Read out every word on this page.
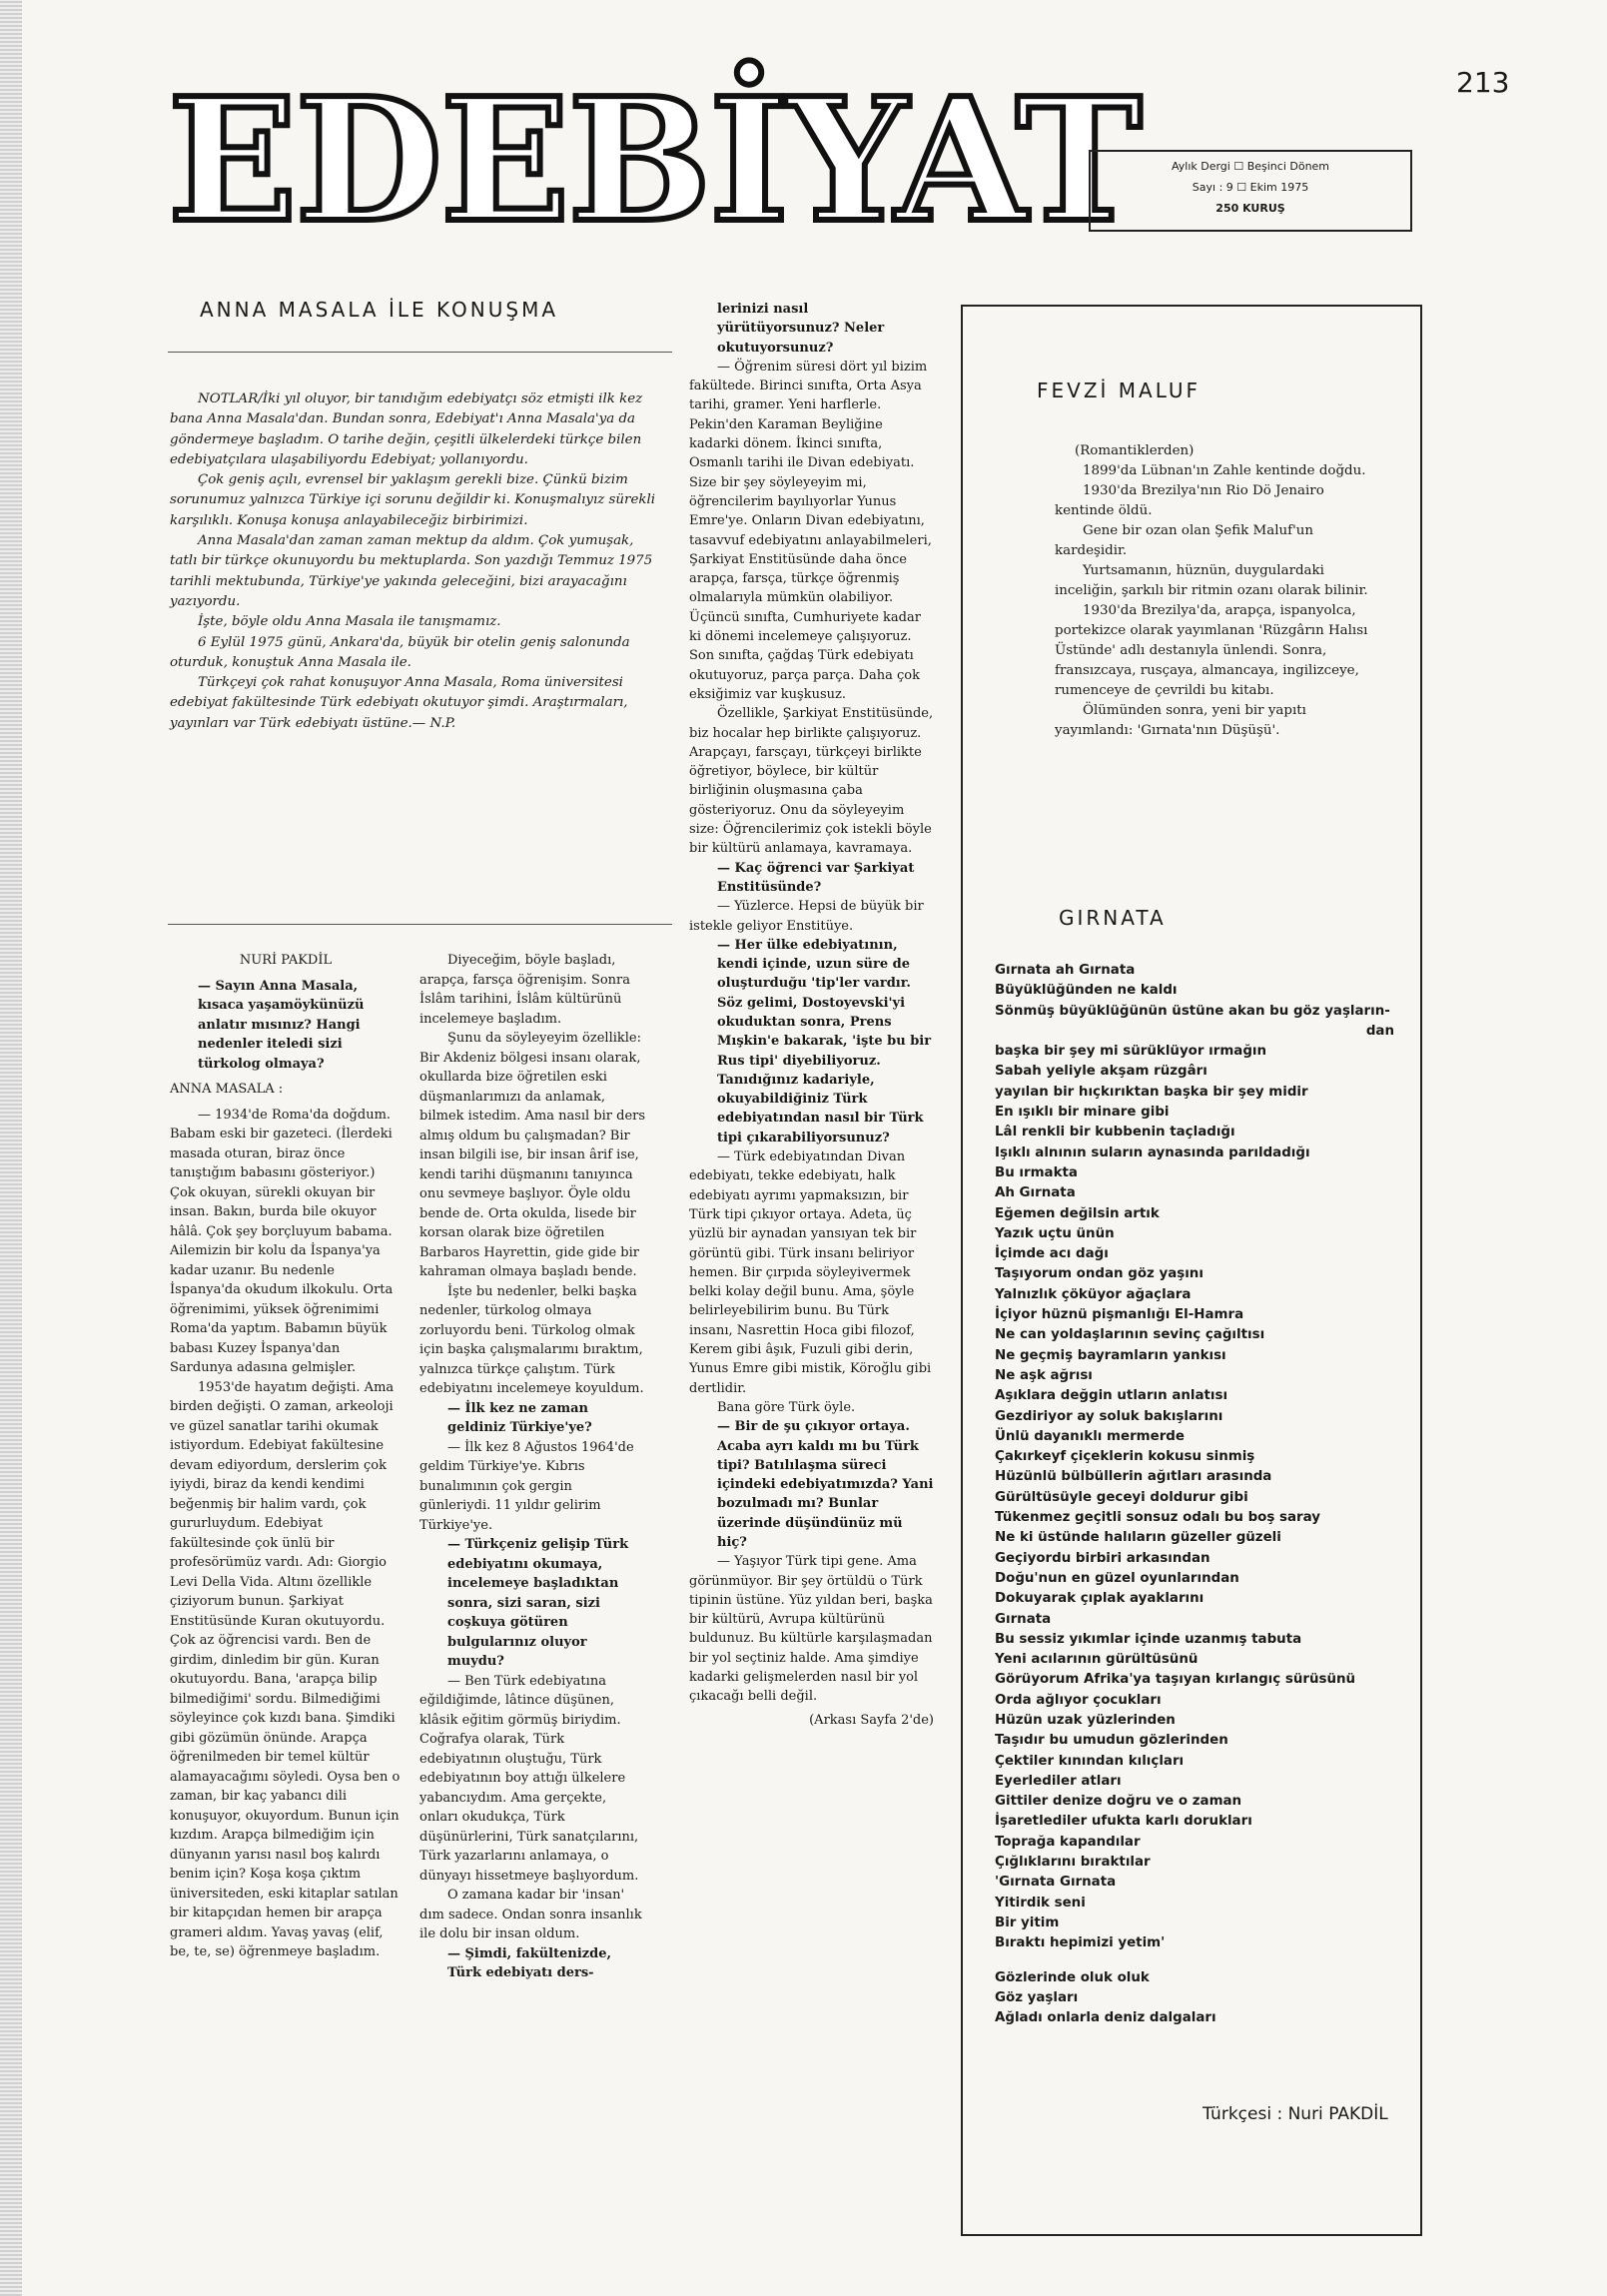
213
EDEBİYAT	Aylık Dergi ☐ Beşinci Dönem
Sayı : 9 ☐ Ekim 1975
250 KURUŞ
ANNA MASALA İLE KONUŞMA

NOTLAR/İki yıl oluyor, bir tanıdığım edebiyatçı söz etmişti ilk kez bana Anna Masala'dan. Bundan sonra, Edebiyat'ı Anna Masala'ya da göndermeye başladım. O tarihe değin, çeşitli ülkelerdeki türkçe bilen edebiyatçılara ulaşabiliyordu Edebiyat; yollanıyordu.

Çok geniş açılı, evrensel bir yaklaşım gerekli bize. Çünkü bizim sorunumuz yalnızca Türkiye içi sorunu değildir ki. Konuşmalıyız sürekli karşılıklı. Konuşa konuşa anlayabileceğiz birbirimizi.

Anna Masala'dan zaman zaman mektup da aldım. Çok yumuşak, tatlı bir türkçe okunuyordu bu mektuplarda. Son yazdığı Temmuz 1975 tarihli mektubunda, Türkiye'ye yakında geleceğini, bizi arayacağını yazıyordu.

İşte, böyle oldu Anna Masala ile tanışmamız.

6 Eylül 1975 günü, Ankara'da, büyük bir otelin geniş salonunda oturduk, konuştuk Anna Masala ile.

Türkçeyi çok rahat konuşuyor Anna Masala, Roma üniversitesi edebiyat fakültesinde Türk edebiyatı okutuyor şimdi. Araştırmaları, yayınları var Türk edebiyatı üstüne.— N.P.

NURİ PAKDİL

— Sayın Anna Masala, kısaca yaşamöykünüzü anlatır mısınız? Hangi nedenler iteledi sizi türkolog olmaya?

ANNA MASALA :

— 1934'de Roma'da doğdum. Babam eski bir gazeteci. (İlerdeki masada oturan, biraz önce tanıştığım babasını gösteriyor.) Çok okuyan, sürekli okuyan bir insan. Bakın, burda bile okuyor hâlâ. Çok şey borçluyum babama. Ailemizin bir kolu da İspanya'ya kadar uzanır. Bu nedenle İspanya'da okudum ilkokulu. Orta öğrenimimi, yüksek öğrenimimi Roma'da yaptım. Babamın büyük babası Kuzey İspanya'dan Sardunya adasına gelmişler.

1953'de hayatım değişti. Ama birden değişti. O zaman, arkeoloji ve güzel sanatlar tarihi okumak istiyordum. Edebiyat fakültesine devam ediyordum, derslerim çok iyiydi, biraz da kendi kendimi beğenmiş bir halim vardı, çok gururluydum. Edebiyat fakültesinde çok ünlü bir profesörümüz vardı. Adı: Giorgio Levi Della Vida. Altını özellikle çiziyorum bunun. Şarkiyat Enstitüsünde Kuran okutuyordu. Çok az öğrencisi vardı. Ben de girdim, dinledim bir gün. Kuran okutuyordu. Bana, 'arapça bilip bilmediğimi' sordu. Bilmediğimi söyleyince çok kızdı bana. Şimdiki gibi gözümün önünde. Arapça öğrenilmeden bir temel kültür alamayacağımı söyledi. Oysa ben o zaman, bir kaç yabancı dili konuşuyor, okuyordum. Bunun için kızdım. Arapça bilmediğim için dünyanın yarısı nasıl boş kalırdı benim için? Koşa koşa çıktım üniversiteden, eski kitaplar satılan bir kitapçıdan hemen bir arapça grameri aldım. Yavaş yavaş (elif, be, te, se) öğrenmeye başladım.

Diyeceğim, böyle başladı, arapça, farsça öğrenişim. Sonra İslâm tarihini, İslâm kültürünü incelemeye başladım.

Şunu da söyleyeyim özellikle: Bir Akdeniz bölgesi insanı olarak, okullarda bize öğretilen eski düşmanlarımızı da anlamak, bilmek istedim. Ama nasıl bir ders almış oldum bu çalışmadan? Bir insan bilgili ise, bir insan ârif ise, kendi tarihi düşmanını tanıyınca onu sevmeye başlıyor. Öyle oldu bende de. Orta okulda, lisede bir korsan olarak bize öğretilen Barbaros Hayrettin, gide gide bir kahraman olmaya başladı bende.

İşte bu nedenler, belki başka nedenler, türkolog olmaya zorluyordu beni. Türkolog olmak için başka çalışmalarımı bıraktım, yalnızca türkçe çalıştım. Türk edebiyatını incelemeye koyuldum.

— İlk kez ne zaman geldiniz Türkiye'ye?

— İlk kez 8 Ağustos 1964'de geldim Türkiye'ye. Kıbrıs bunalımının çok gergin günleriydi. 11 yıldır gelirim Türkiye'ye.

— Türkçeniz gelişip Türk edebiyatını okumaya, incelemeye başladıktan sonra, sizi saran, sizi coşkuya götüren bulgularınız oluyor muydu?

— Ben Türk edebiyatına eğildiğimde, lâtince düşünen, klâsik eğitim görmüş biriydim. Coğrafya olarak, Türk edebiyatının oluştuğu, Türk edebiyatının boy attığı ülkelere yabancıydım. Ama gerçekte, onları okudukça, Türk düşünürlerini, Türk sanatçılarını, Türk yazarlarını anlamaya, o dünyayı hissetmeye başlıyordum.

O zamana kadar bir 'insan' dım sadece. Ondan sonra insanlık ile dolu bir insan oldum.

— Şimdi, fakültenizde, Türk edebiyatı ders-

lerinizi nasıl yürütüyorsunuz? Neler okutuyorsunuz?

— Öğrenim süresi dört yıl bizim fakültede. Birinci sınıfta, Orta Asya tarihi, gramer. Yeni harflerle. Pekin'den Karaman Beyliğine kadarki dönem. İkinci sınıfta, Osmanlı tarihi ile Divan edebiyatı. Size bir şey söyleyeyim mi, öğrencilerim bayılıyorlar Yunus Emre'ye. Onların Divan edebiyatını, tasavvuf edebiyatını anlayabilmeleri, Şarkiyat Enstitüsünde daha önce arapça, farsça, türkçe öğrenmiş olmalarıyla mümkün olabiliyor. Üçüncü sınıfta, Cumhuriyete kadar ki dönemi incelemeye çalışıyoruz. Son sınıfta, çağdaş Türk edebiyatı okutuyoruz, parça parça. Daha çok eksiğimiz var kuşkusuz.

Özellikle, Şarkiyat Enstitüsünde, biz hocalar hep birlikte çalışıyoruz. Arapçayı, farsçayı, türkçeyi birlikte öğretiyor, böylece, bir kültür birliğinin oluşmasına çaba gösteriyoruz. Onu da söyleyeyim size: Öğrencilerimiz çok istekli böyle bir kültürü anlamaya, kavramaya.

— Kaç öğrenci var Şarkiyat Enstitüsünde?

— Yüzlerce. Hepsi de büyük bir istekle geliyor Enstitüye.

— Her ülke edebiyatının, kendi içinde, uzun süre de oluşturduğu 'tip'ler vardır. Söz gelimi, Dostoyevski'yi okuduktan sonra, Prens Mışkin'e bakarak, 'işte bu bir Rus tipi' diyebiliyoruz.

Tanıdığınız kadariyle, okuyabildiğiniz Türk edebiyatından nasıl bir Türk tipi çıkarabiliyorsunuz?

— Türk edebiyatından Divan edebiyatı, tekke edebiyatı, halk edebiyatı ayrımı yapmaksızın, bir Türk tipi çıkıyor ortaya. Adeta, üç yüzlü bir aynadan yansıyan tek bir görüntü gibi. Türk insanı beliriyor hemen. Bir çırpıda söyleyivermek belki kolay değil bunu. Ama, şöyle belirleyebilirim bunu. Bu Türk insanı, Nasrettin Hoca gibi filozof, Kerem gibi âşık, Fuzuli gibi derin, Yunus Emre gibi mistik, Köroğlu gibi dertlidir.

Bana göre Türk öyle.

— Bir de şu çıkıyor ortaya. Acaba ayrı kaldı mı bu Türk tipi? Batılılaşma süreci içindeki edebiyatımızda? Yani bozulmadı mı? Bunlar üzerinde düşündünüz mü hiç?

— Yaşıyor Türk tipi gene. Ama görünmüyor. Bir şey örtüldü o Türk tipinin üstüne. Yüz yıldan beri, başka bir kültürü, Avrupa kültürünü buldunuz. Bu kültürle karşılaşmadan bir yol seçtiniz halde. Ama şimdiye kadarki gelişmelerden nasıl bir yol çıkacağı belli değil.

(Arkası Sayfa 2'de)

FEVZİ MALUF

(Romantiklerden)

1899'da Lübnan'ın Zahle kentinde doğdu.

1930'da Brezilya'nın Rio Dö Jenairo kentinde öldü.

Gene bir ozan olan Şefik Maluf'un kardeşidir.

Yurtsamanın, hüznün, duygulardaki inceliğin, şarkılı bir ritmin ozanı olarak bilinir.

1930'da Brezilya'da, arapça, ispanyolca, portekizce olarak yayımlanan 'Rüzgârın Halısı Üstünde' adlı destanıyla ünlendi. Sonra, fransızcaya, rusçaya, almancaya, ingilizceye, rumenceye de çevrildi bu kitabı.

Ölümünden sonra, yeni bir yapıtı yayımlandı: 'Gırnata'nın Düşüşü'.

GIRNATA

Gırnata ah Gırnata

Büyüklüğünden ne kaldı

Sönmüş büyüklüğünün üstüne akan bu göz yaşların-

dan

başka bir şey mi sürüklüyor ırmağın

Sabah yeliyle akşam rüzgârı

yayılan bir hıçkırıktan başka bir şey midir

En ışıklı bir minare gibi

Lâl renkli bir kubbenin taçladığı

Işıklı alnının suların aynasında parıldadığı

Bu ırmakta

Ah Gırnata

Eğemen değilsin artık

Yazık uçtu ünün

İçimde acı dağı

Taşıyorum ondan göz yaşını

Yalnızlık çöküyor ağaçlara

İçiyor hüznü pişmanlığı El-Hamra

Ne can yoldaşlarının sevinç çağıltısı

Ne geçmiş bayramların yankısı

Ne aşk ağrısı

Aşıklara değgin utların anlatısı

Gezdiriyor ay soluk bakışlarını

Ünlü dayanıklı mermerde

Çakırkeyf çiçeklerin kokusu sinmiş

Hüzünlü bülbüllerin ağıtları arasında

Gürültüsüyle geceyi doldurur gibi

Tükenmez geçitli sonsuz odalı bu boş saray

Ne ki üstünde halıların güzeller güzeli

Geçiyordu birbiri arkasından

Doğu'nun en güzel oyunlarından

Dokuyarak çıplak ayaklarını

Gırnata

Bu sessiz yıkımlar içinde uzanmış tabuta

Yeni acılarının gürültüsünü

Görüyorum Afrika'ya taşıyan kırlangıç sürüsünü

Orda ağlıyor çocukları

Hüzün uzak yüzlerinden

Taşıdır bu umudun gözlerinden

Çektiler kınından kılıçları

Eyerlediler atları

Gittiler denize doğru ve o zaman

İşaretlediler ufukta karlı dorukları

Toprağa kapandılar

Çığlıklarını bıraktılar

'Gırnata Gırnata

Yitirdik seni

Bir yitim

Bıraktı hepimizi yetim'

Gözlerinde oluk oluk

Göz yaşları

Ağladı onlarla deniz dalgaları

Türkçesi : Nuri PAKDİL
